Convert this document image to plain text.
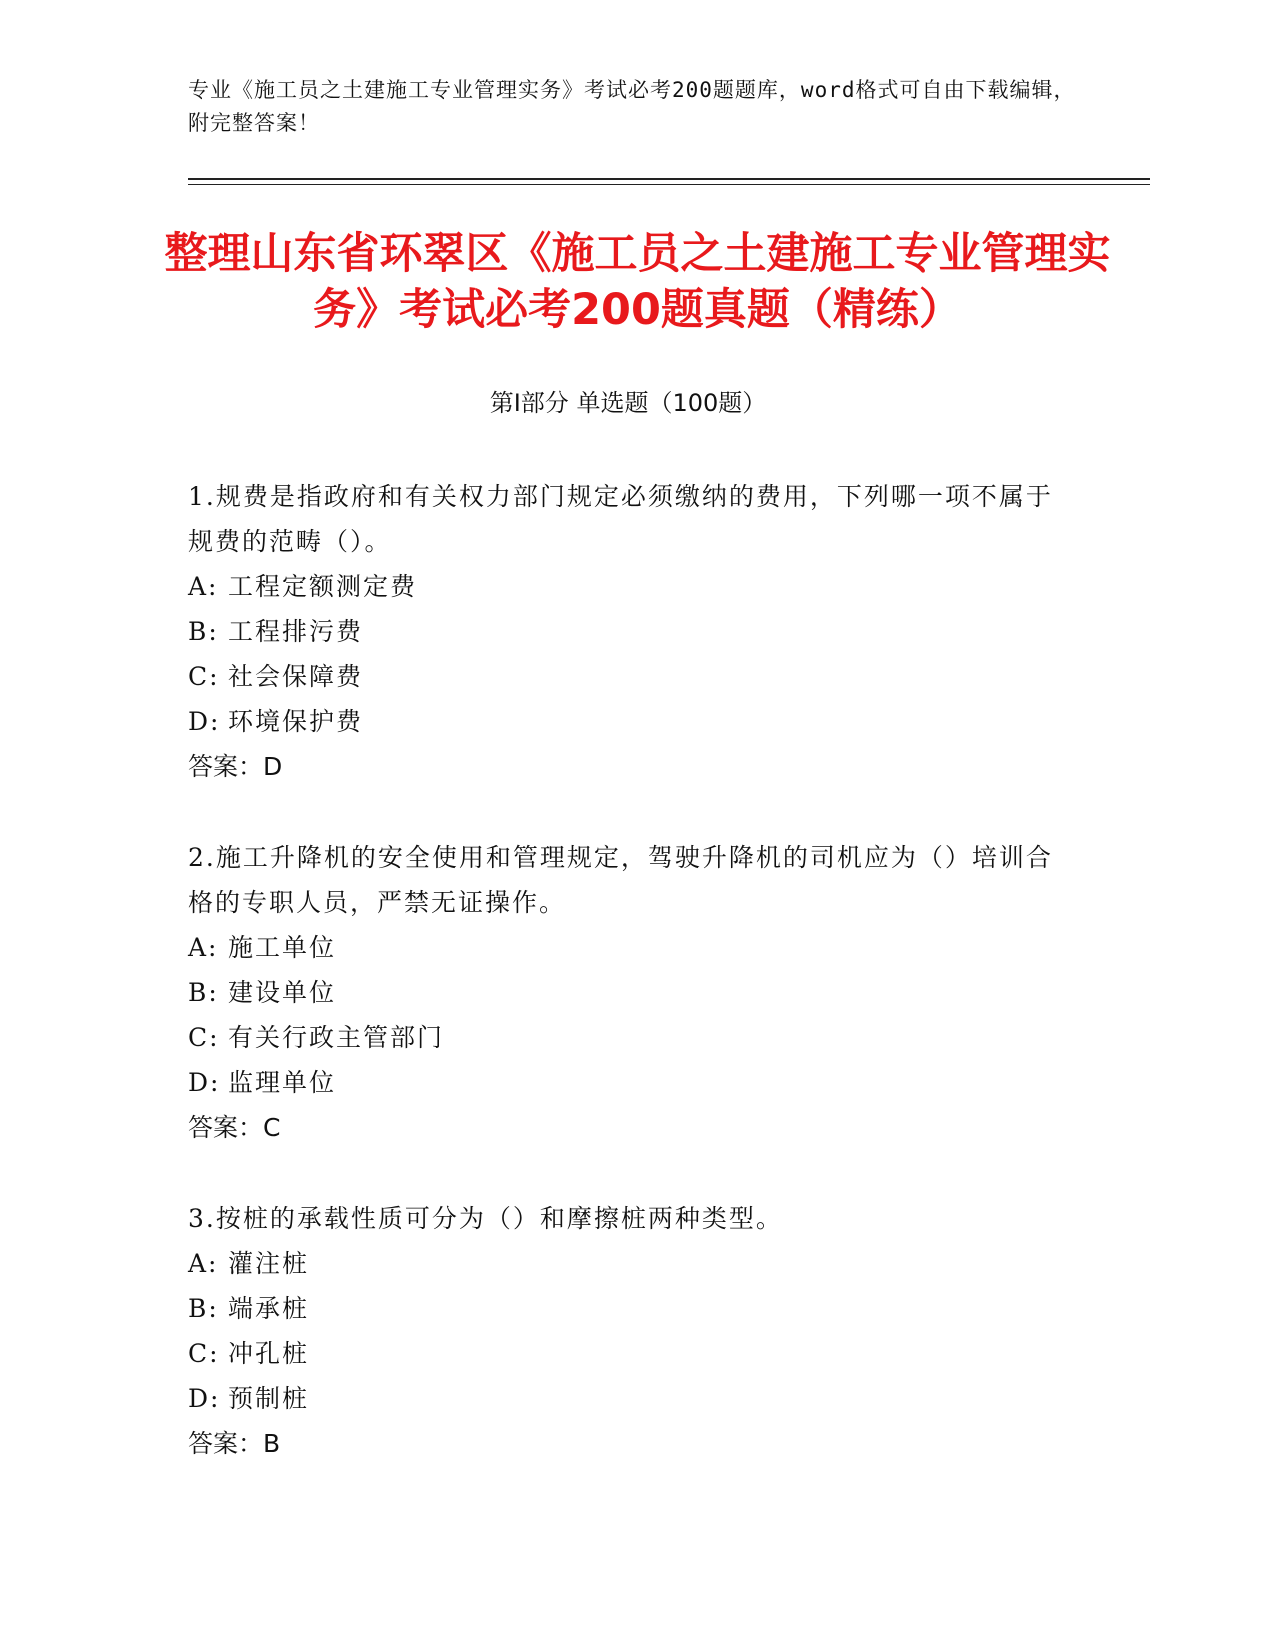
专业《施工员之土建施工专业管理实务》考试必考200题题库，word格式可自由下载编辑，附完整答案！
整理山东省环翠区《施工员之土建施工专业管理实务》考试必考200题真题（精练）
第I部分 单选题（100题）

1.规费是指政府和有关权力部门规定必须缴纳的费用，下列哪一项不属于规费的范畴（）。

A: 工程定额测定费

B: 工程排污费

C: 社会保障费

D: 环境保护费

答案：D

2.施工升降机的安全使用和管理规定，驾驶升降机的司机应为（）培训合格的专职人员，严禁无证操作。

A: 施工单位

B: 建设单位

C: 有关行政主管部门

D: 监理单位

答案：C

3.按桩的承载性质可分为（）和摩擦桩两种类型。

A: 灌注桩

B: 端承桩

C: 冲孔桩

D: 预制桩

答案：B
